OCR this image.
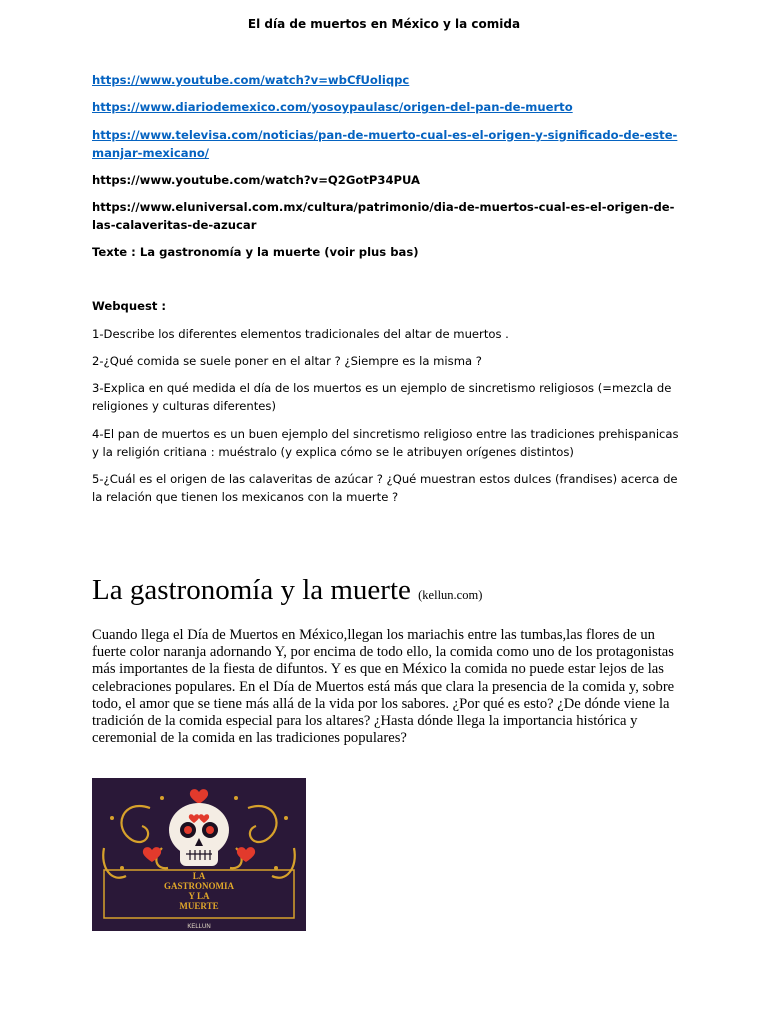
El día de muertos en México y la comida
https://www.youtube.com/watch?v=wbCfUoliqpc
https://www.diariodemexico.com/yosoypaulasc/origen-del-pan-de-muerto
https://www.televisa.com/noticias/pan-de-muerto-cual-es-el-origen-y-significado-de-este-manjar-mexicano/
https://www.youtube.com/watch?v=Q2GotP34PUA
https://www.eluniversal.com.mx/cultura/patrimonio/dia-de-muertos-cual-es-el-origen-de-las-calaveritas-de-azucar
Texte : La gastronomía y la muerte (voir plus bas)
Webquest :
1-Describe los diferentes elementos tradicionales del altar de muertos .
2-¿Qué comida se suele poner en el altar ? ¿Siempre es la misma ?
3-Explica en qué medida el día de los muertos es un ejemplo de sincretismo religiosos (=mezcla de religiones y culturas diferentes)
4-El pan de muertos es un buen ejemplo del sincretismo religioso entre las tradiciones prehispanicas y la religión critiana : muéstralo (y explica cómo se le atribuyen orígenes distintos)
5-¿Cuál es el origen de las calaveritas de azúcar ? ¿Qué muestran estos dulces (frandises) acerca de la relación que tienen los mexicanos con la muerte ?
La gastronomía y la muerte (kellun.com)
Cuando llega el Día de Muertos en México,llegan los mariachis entre las tumbas,las flores de un fuerte color naranja adornando Y, por encima de todo ello, la comida como uno de los protagonistas más importantes de la fiesta de difuntos. Y es que en México la comida no puede estar lejos de las celebraciones populares. En el Día de Muertos está más que clara la presencia de la comida y, sobre todo, el amor que se tiene más allá de la vida por los sabores. ¿Por qué es esto? ¿De dónde viene la tradición de la comida especial para los altares? ¿Hasta dónde llega la importancia histórica y ceremonial de la comida en las tradiciones populares?
LA
GASTRONOMIA
Y LA
MUERTE
KELLUN
